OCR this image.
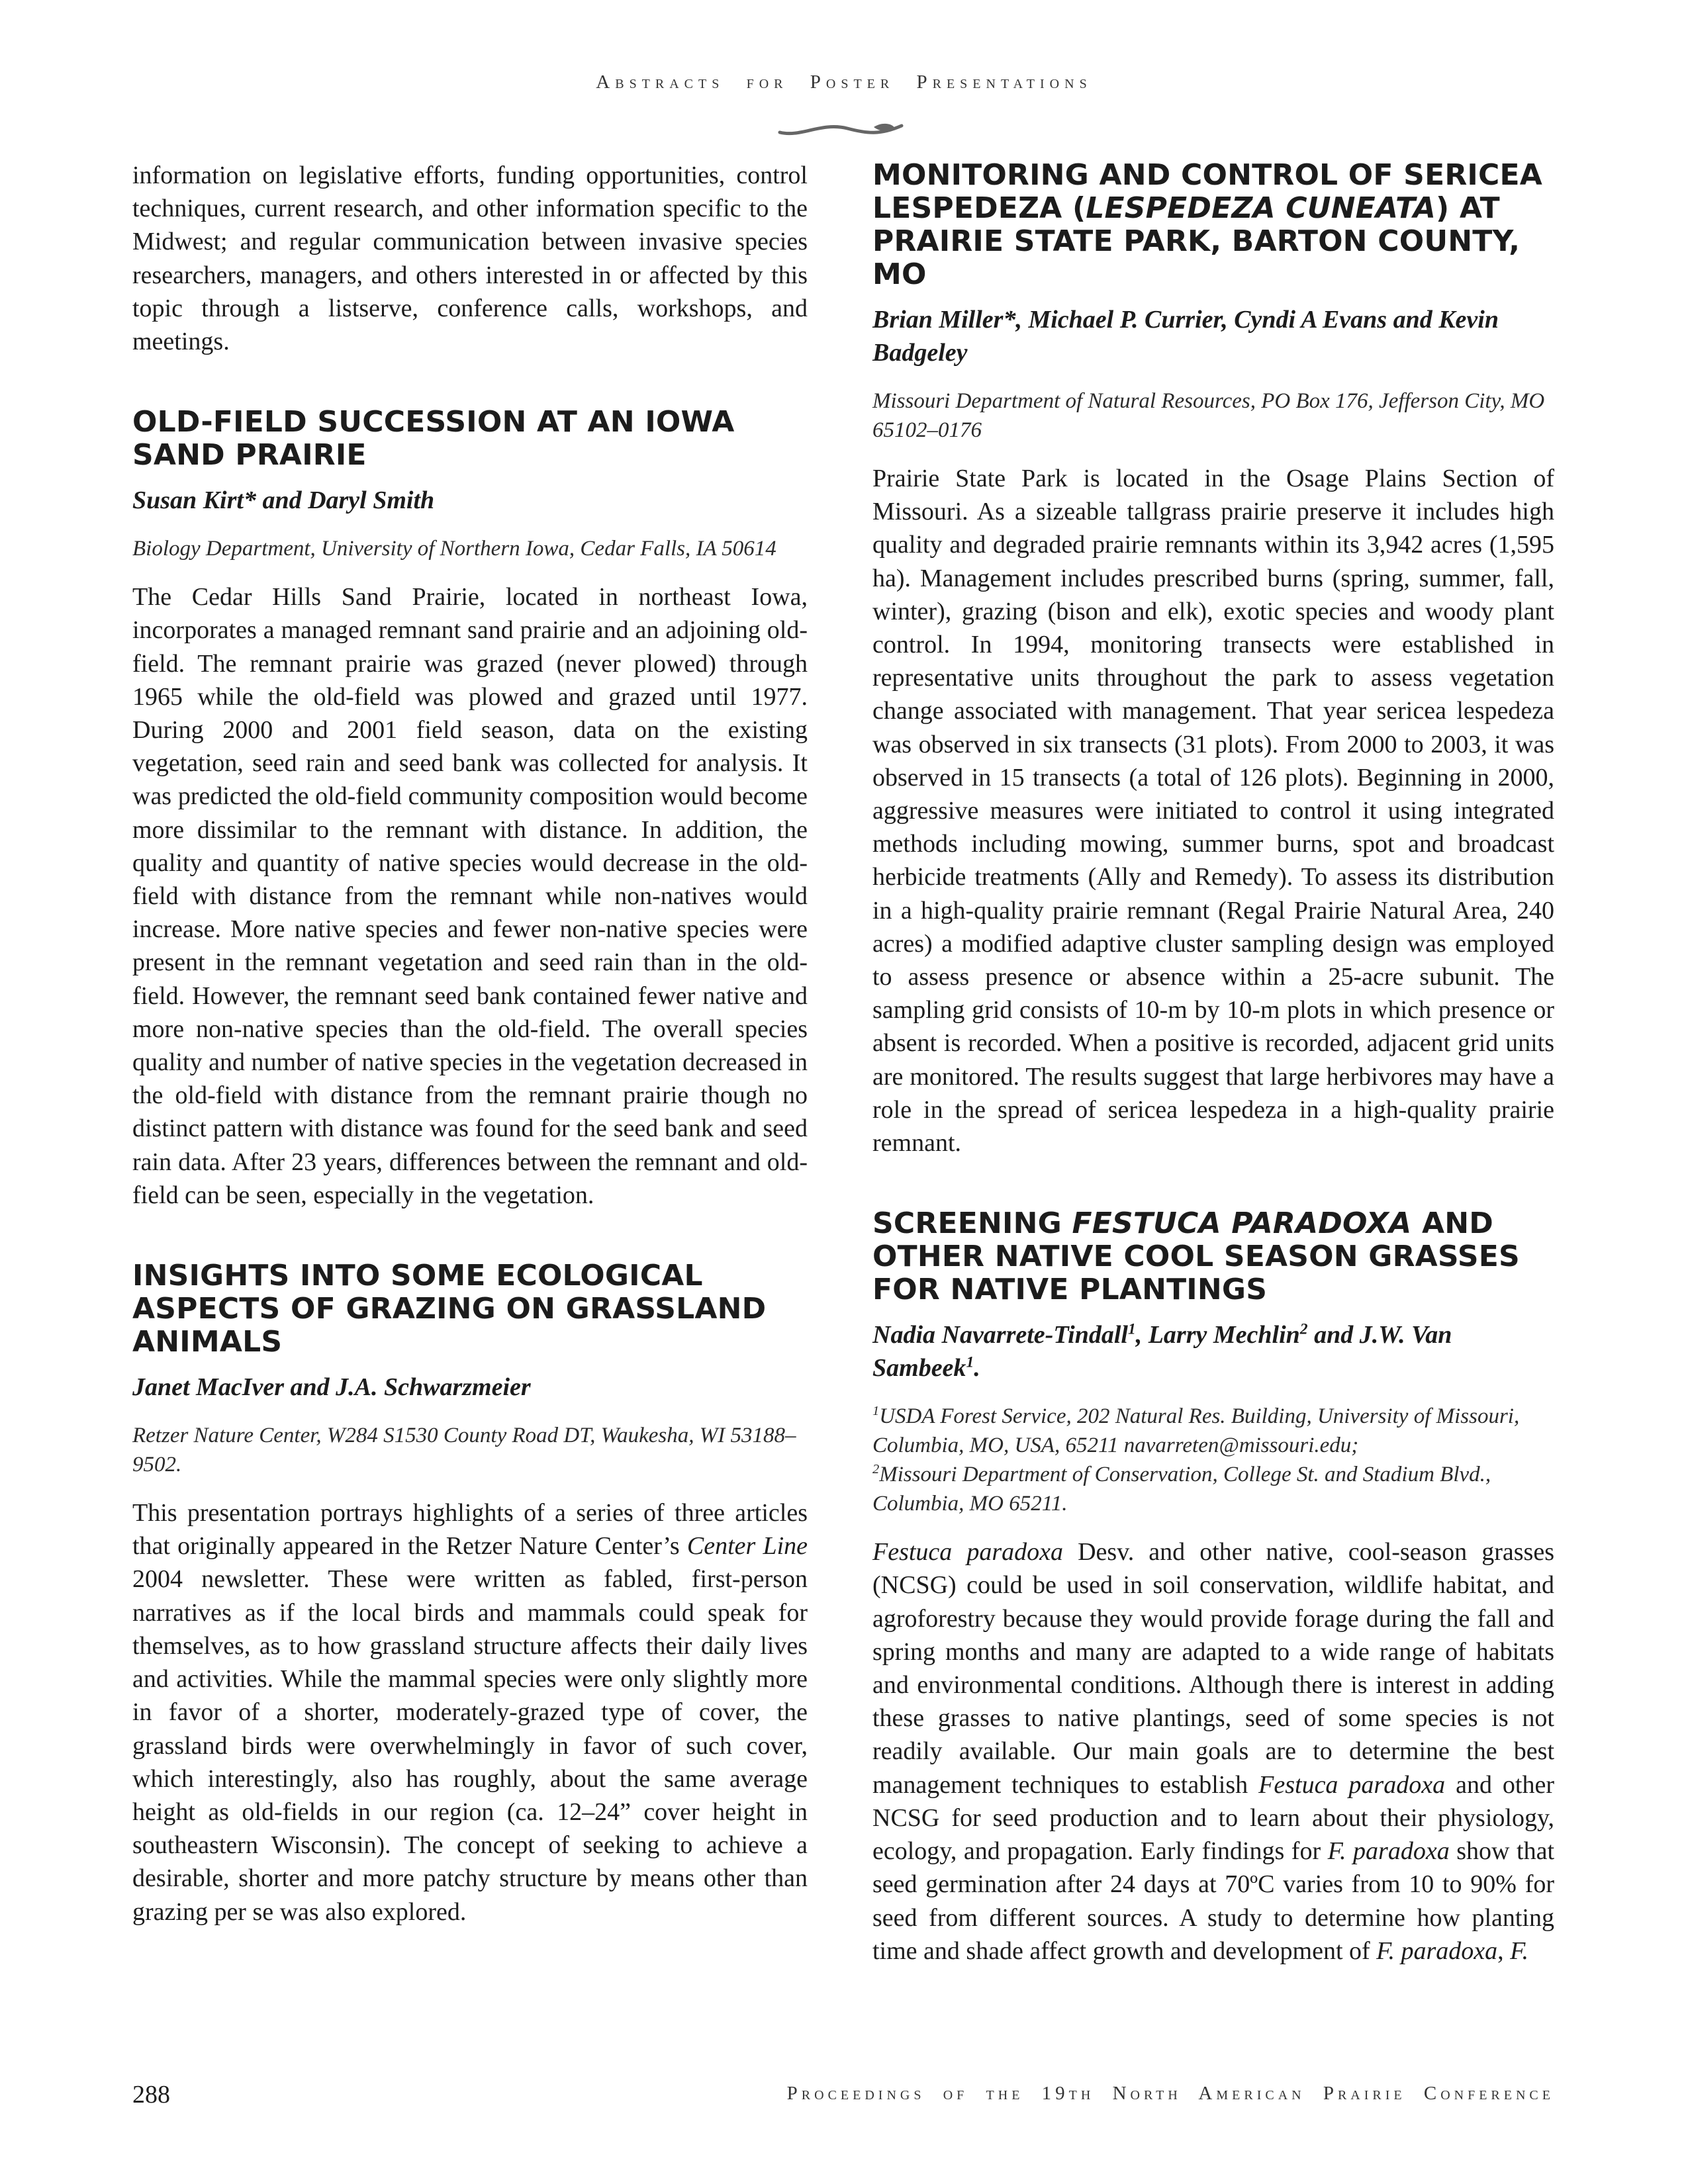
Abstracts for Poster Presentations

information on legislative efforts, funding opportunities, control techniques, current research, and other information specific to the Midwest; and regular communication between invasive species researchers, managers, and others interested in or affected by this topic through a listserve, conference calls, workshops, and meetings.

OLD-FIELD SUCCESSION AT AN IOWA SAND PRAIRIE

Susan Kirt* and Daryl Smith

Biology Department, University of Northern Iowa, Cedar Falls, IA 50614

The Cedar Hills Sand Prairie, located in northeast Iowa, incorporates a managed remnant sand prairie and an adjoining old-field. The remnant prairie was grazed (never plowed) through 1965 while the old-field was plowed and grazed until 1977. During 2000 and 2001 field season, data on the existing vegetation, seed rain and seed bank was collected for analysis. It was predicted the old-field community composition would become more dissimilar to the remnant with distance. In addition, the quality and quantity of native species would decrease in the old-field with distance from the remnant while non-natives would increase. More native species and fewer non-native species were present in the remnant vegetation and seed rain than in the old-field. However, the remnant seed bank contained fewer native and more non-native species than the old-field. The overall species quality and number of native species in the vegetation decreased in the old-field with distance from the remnant prairie though no distinct pattern with distance was found for the seed bank and seed rain data. After 23 years, differences between the remnant and old-field can be seen, especially in the vegetation.

INSIGHTS INTO SOME ECOLOGICAL ASPECTS OF GRAZING ON GRASSLAND ANIMALS

Janet MacIver and J.A. Schwarzmeier

Retzer Nature Center, W284 S1530 County Road DT, Waukesha, WI 53188–9502.

This presentation portrays highlights of a series of three articles that originally appeared in the Retzer Nature Center’s Center Line 2004 newsletter. These were written as fabled, first-person narratives as if the local birds and mammals could speak for themselves, as to how grassland structure affects their daily lives and activities. While the mammal species were only slightly more in favor of a shorter, moderately-grazed type of cover, the grassland birds were overwhelmingly in favor of such cover, which interestingly, also has roughly, about the same average height as old-fields in our region (ca. 12–24” cover height in southeastern Wisconsin). The concept of seeking to achieve a desirable, shorter and more patchy structure by means other than grazing per se was also explored.

MONITORING AND CONTROL OF SERICEA LESPEDEZA (LESPEDEZA CUNEATA) AT PRAIRIE STATE PARK, BARTON COUNTY, MO

Brian Miller*, Michael P. Currier, Cyndi A Evans and Kevin Badgeley

Missouri Department of Natural Resources, PO Box 176, Jefferson City, MO 65102–0176

Prairie State Park is located in the Osage Plains Section of Missouri. As a sizeable tallgrass prairie preserve it includes high quality and degraded prairie remnants within its 3,942 acres (1,595 ha). Management includes prescribed burns (spring, summer, fall, winter), grazing (bison and elk), exotic species and woody plant control. In 1994, monitoring transects were established in representative units throughout the park to assess vegetation change associated with management. That year sericea lespedeza was observed in six transects (31 plots). From 2000 to 2003, it was observed in 15 transects (a total of 126 plots). Beginning in 2000, aggressive measures were initiated to control it using integrated methods including mowing, summer burns, spot and broadcast herbicide treatments (Ally and Remedy). To assess its distribution in a high-quality prairie remnant (Regal Prairie Natural Area, 240 acres) a modified adaptive cluster sampling design was employed to assess presence or absence within a 25-acre subunit. The sampling grid consists of 10-m by 10-m plots in which presence or absent is recorded. When a positive is recorded, adjacent grid units are monitored. The results suggest that large herbivores may have a role in the spread of sericea lespedeza in a high-quality prairie remnant.

SCREENING FESTUCA PARADOXA AND OTHER NATIVE COOL SEASON GRASSES FOR NATIVE PLANTINGS

Nadia Navarrete-Tindall$^1$, Larry Mechlin$^2$ and J.W. Van Sambeek$^1$.

$^1$USDA Forest Service, 202 Natural Res. Building, University of Missouri, Columbia, MO, USA, 65211 navarreten@missouri.edu;
$^2$Missouri Department of Conservation, College St. and Stadium Blvd., Columbia, MO 65211.

Festuca paradoxa Desv. and other native, cool-season grasses (NCSG) could be used in soil conservation, wildlife habitat, and agroforestry because they would provide forage during the fall and spring months and many are adapted to a wide range of habitats and environmental conditions. Although there is interest in adding these grasses to native plantings, seed of some species is not readily available. Our main goals are to determine the best management techniques to establish Festuca paradoxa and other NCSG for seed production and to learn about their physiology, ecology, and propagation. Early findings for F. paradoxa show that seed germination after 24 days at 70ºC varies from 10 to 90% for seed from different sources. A study to determine how planting time and shade affect growth and development of F. paradoxa, F.

288	Proceedings of the 19th North American Prairie Conference
